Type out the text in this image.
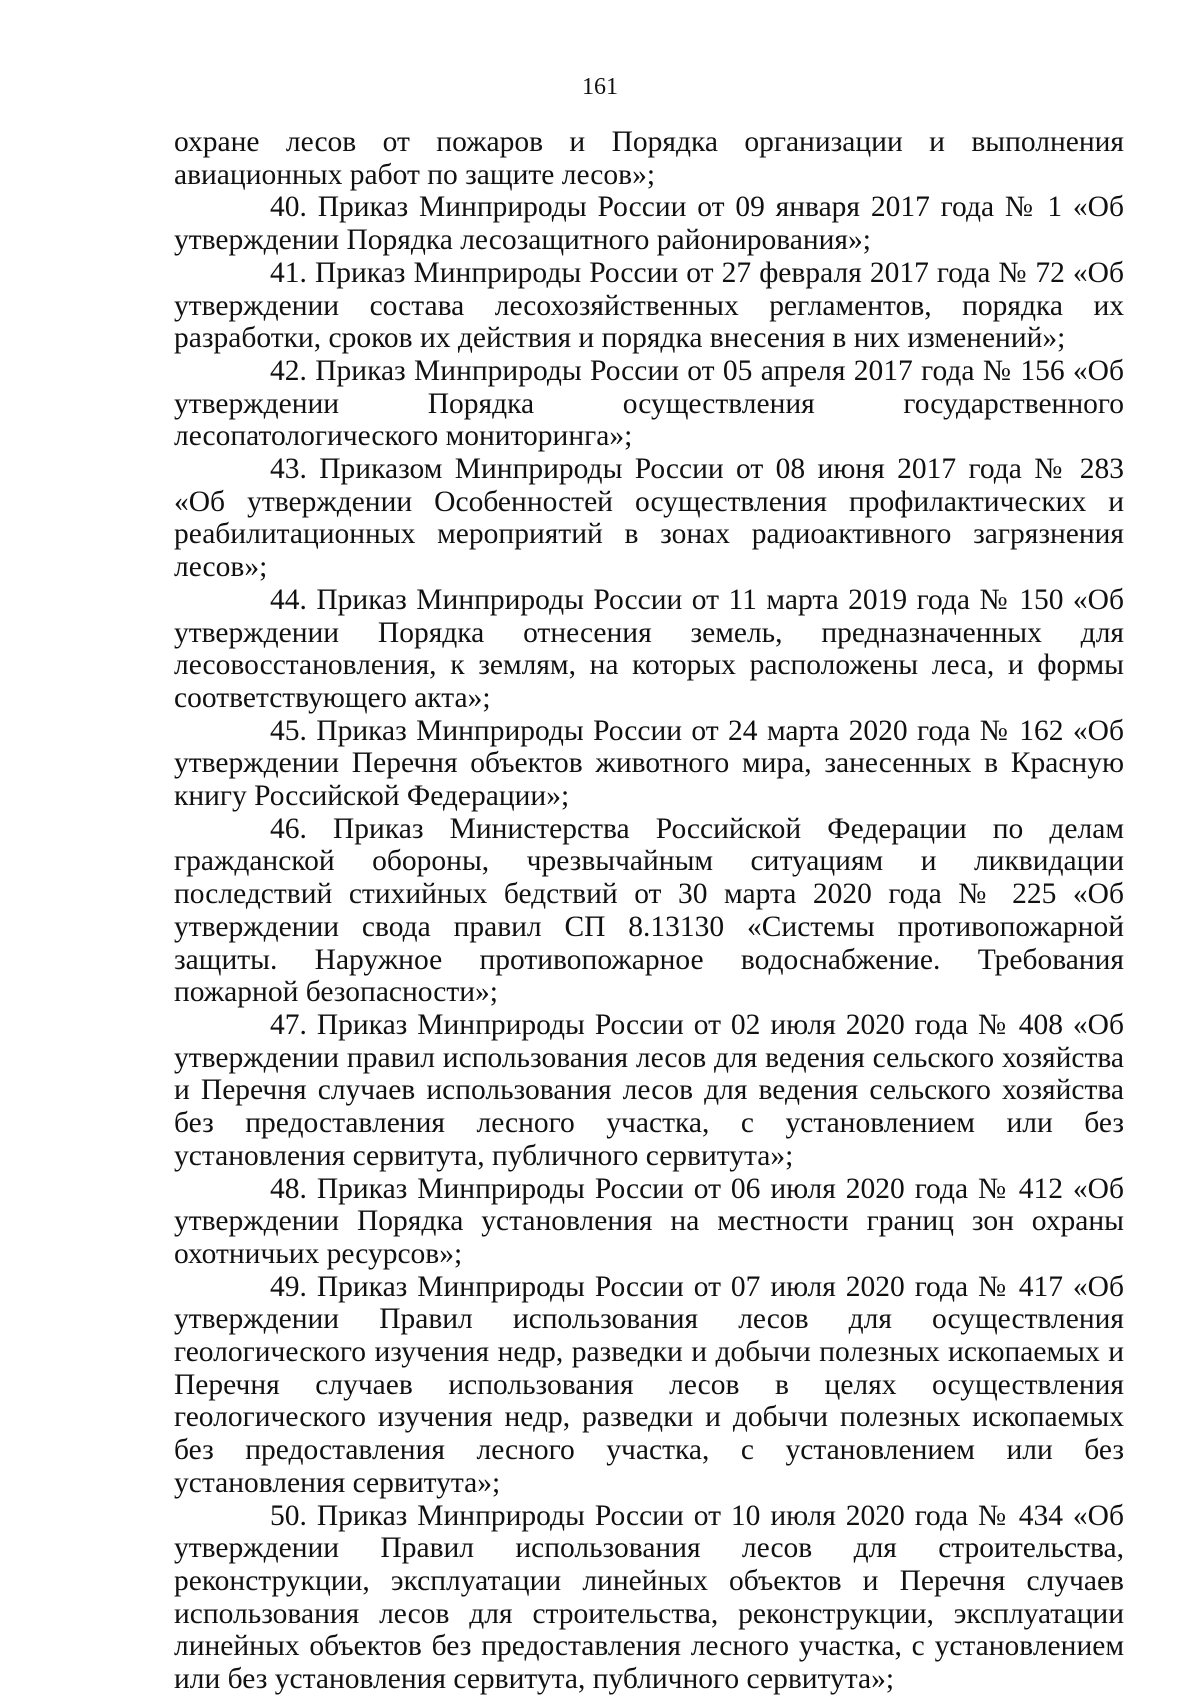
161

охране лесов от пожаров и Порядка организации и выполнения авиационных работ по защите лесов»;

40. Приказ Минприроды России от 09 января 2017 года № 1 «Об утверждении Порядка лесозащитного районирования»;

41. Приказ Минприроды России от 27 февраля 2017 года № 72 «Об утверждении состава лесохозяйственных регламентов, порядка их разработки, сроков их действия и порядка внесения в них изменений»;

42. Приказ Минприроды России от 05 апреля 2017 года № 156 «Об утверждении Порядка осуществления государственного лесопатологического мониторинга»;

43. Приказом Минприроды России от 08 июня 2017 года № 283 «Об утверждении Особенностей осуществления профилактических и реабилитационных мероприятий в зонах радиоактивного загрязнения лесов»;

44. Приказ Минприроды России от 11 марта 2019 года № 150 «Об утверждении Порядка отнесения земель, предназначенных для лесовосстановления, к землям, на которых расположены леса, и формы соответствующего акта»;

45. Приказ Минприроды России от 24 марта 2020 года № 162 «Об утверждении Перечня объектов животного мира, занесенных в Красную книгу Российской Федерации»;

46. Приказ Министерства Российской Федерации по делам гражданской обороны, чрезвычайным ситуациям и ликвидации последствий стихийных бедствий от 30 марта 2020 года № 225 «Об утверждении свода правил СП 8.13130 «Системы противопожарной защиты. Наружное противопожарное водоснабжение. Требования пожарной безопасности»;

47. Приказ Минприроды России от 02 июля 2020 года № 408 «Об утверждении правил использования лесов для ведения сельского хозяйства и Перечня случаев использования лесов для ведения сельского хозяйства без предоставления лесного участка, с установлением или без установления сервитута, публичного сервитута»;

48. Приказ Минприроды России от 06 июля 2020 года № 412 «Об утверждении Порядка установления на местности границ зон охраны охотничьих ресурсов»;

49. Приказ Минприроды России от 07 июля 2020 года № 417 «Об утверждении Правил использования лесов для осуществления геологического изучения недр, разведки и добычи полезных ископаемых и Перечня случаев использования лесов в целях осуществления геологического изучения недр, разведки и добычи полезных ископаемых без предоставления лесного участка, с установлением или без установления сервитута»;

50. Приказ Минприроды России от 10 июля 2020 года № 434 «Об утверждении Правил использования лесов для строительства, реконструкции, эксплуатации линейных объектов и Перечня случаев использования лесов для строительства, реконструкции, эксплуатации линейных объектов без предоставления лесного участка, с установлением или без установления сервитута, публичного сервитута»;
